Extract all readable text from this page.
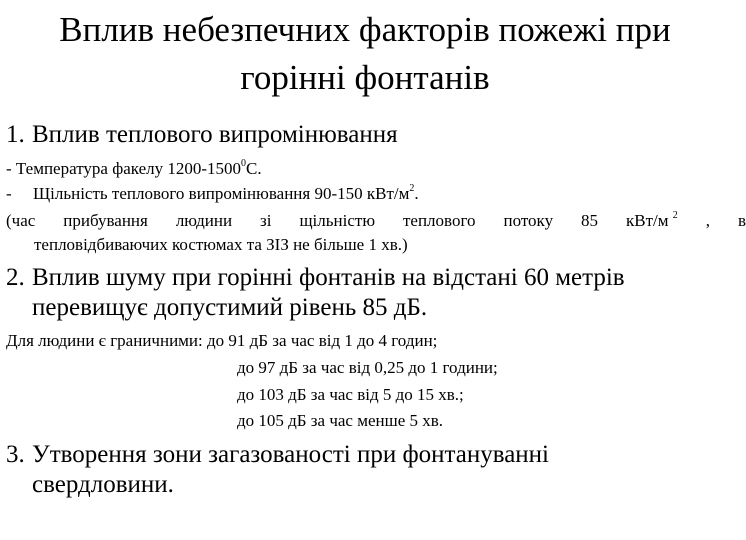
Вплив небезпечних факторів пожежі при
горінні фонтанів
1. Вплив теплового випромінювання
- Температура факелу 1200-1500$^0$С.
- Щільність теплового випромінювання 90-150 кВт/$м^2$.
(час прибування людини зі щільністю теплового потоку 85 кВт/м $^2$ , в
тепловідбиваючих костюмах та ЗІЗ не більше 1 хв.)
2. Вплив шуму при горінні фонтанів на відстані 60 метрів
перевищує допустимий рівень 85 дБ.
Для людини є граничними: до 91 дБ за час від 1 до 4 годин;
до 97 дБ за час від 0,25 до 1 години;
до 103 дБ за час від 5 до 15 хв.;
до 105 дБ за час менше 5 хв.
3. Утворення зони загазованості при фонтануванні
свердловини.
